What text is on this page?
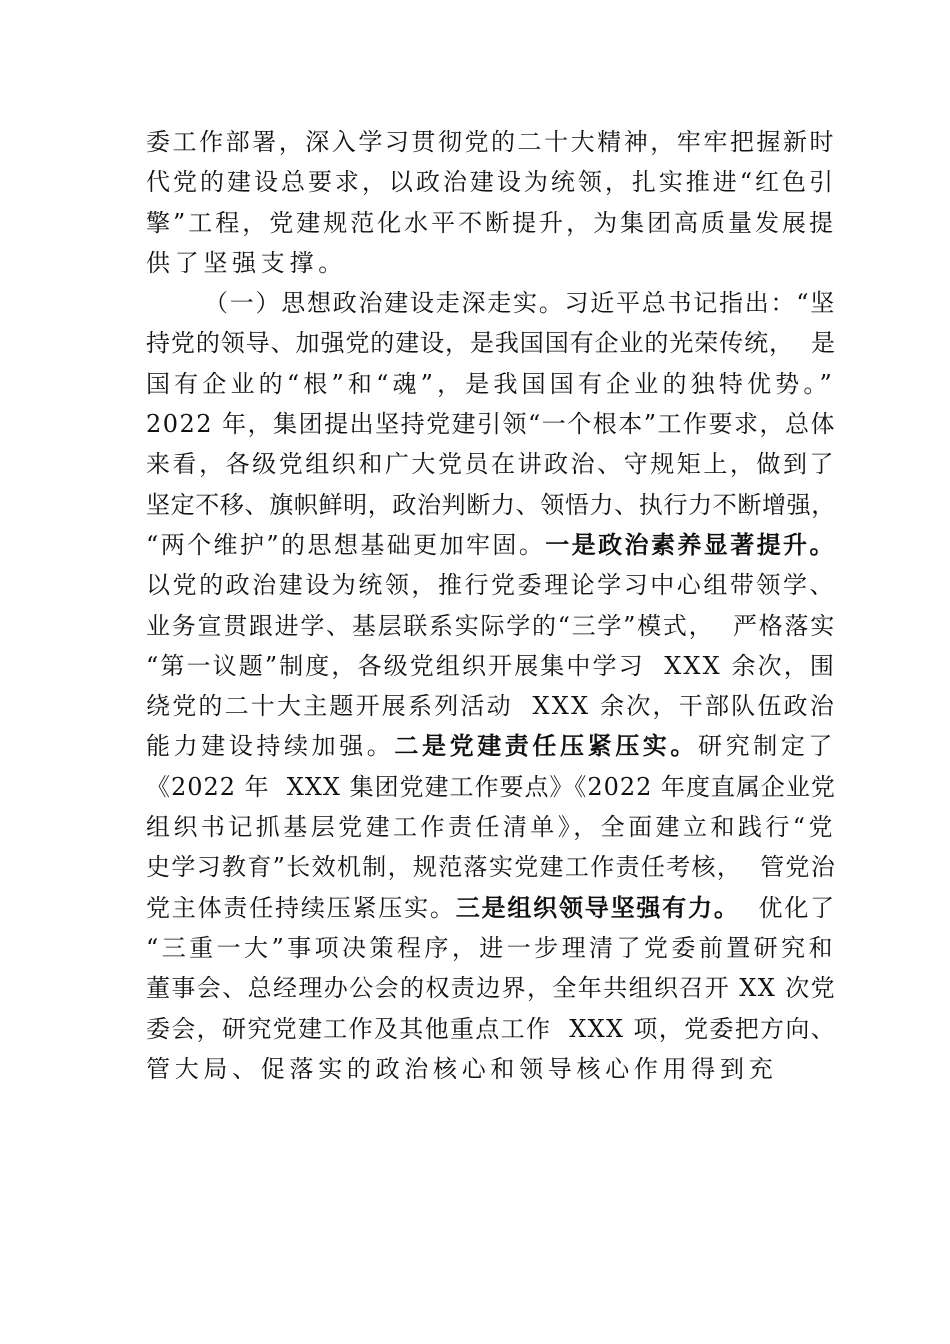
委工作部署，深入学习贯彻党的二十大精神，牢牢把握新时
代党的建设总要求，以政治建设为统领，扎实推进“红色引
擎”工程，党建规范化水平不断提升，为集团高质量发展提
供了坚强支撑。
（一）思想政治建设走深走实。习近平总书记指出：“坚
持党的领导、加强党的建设，是我国国有企业的光荣传统，  是
国有企业的“根”和“魂”，是我国国有企业的独特优势。”
2022 年，集团提出坚持党建引领“一个根本”工作要求，总体
来看，各级党组织和广大党员在讲政治、守规矩上，做到了
坚定不移、旗帜鲜明，政治判断力、领悟力、执行力不断增强，
“两个维护”的思想基础更加牢固。一是政治素养显著提升。
以党的政治建设为统领，推行党委理论学习中心组带领学、
业务宣贯跟进学、基层联系实际学的“三学”模式，  严格落实
“第一议题”制度，各级党组织开展集中学习  XXX 余次，围
绕党的二十大主题开展系列活动  XXX 余次，干部队伍政治
能力建设持续加强。二是党建责任压紧压实。研究制定了
《2022 年  XXX 集团党建工作要点》《2022 年度直属企业党
组织书记抓基层党建工作责任清单》，全面建立和践行“党
史学习教育”长效机制，规范落实党建工作责任考核，  管党治
党主体责任持续压紧压实。三是组织领导坚强有力。  优化了
“三重一大”事项决策程序，进一步理清了党委前置研究和
董事会、总经理办公会的权责边界，全年共组织召开 XX 次党
委会，研究党建工作及其他重点工作  XXX 项，党委把方向、
管大局、促落实的政治核心和领导核心作用得到充
